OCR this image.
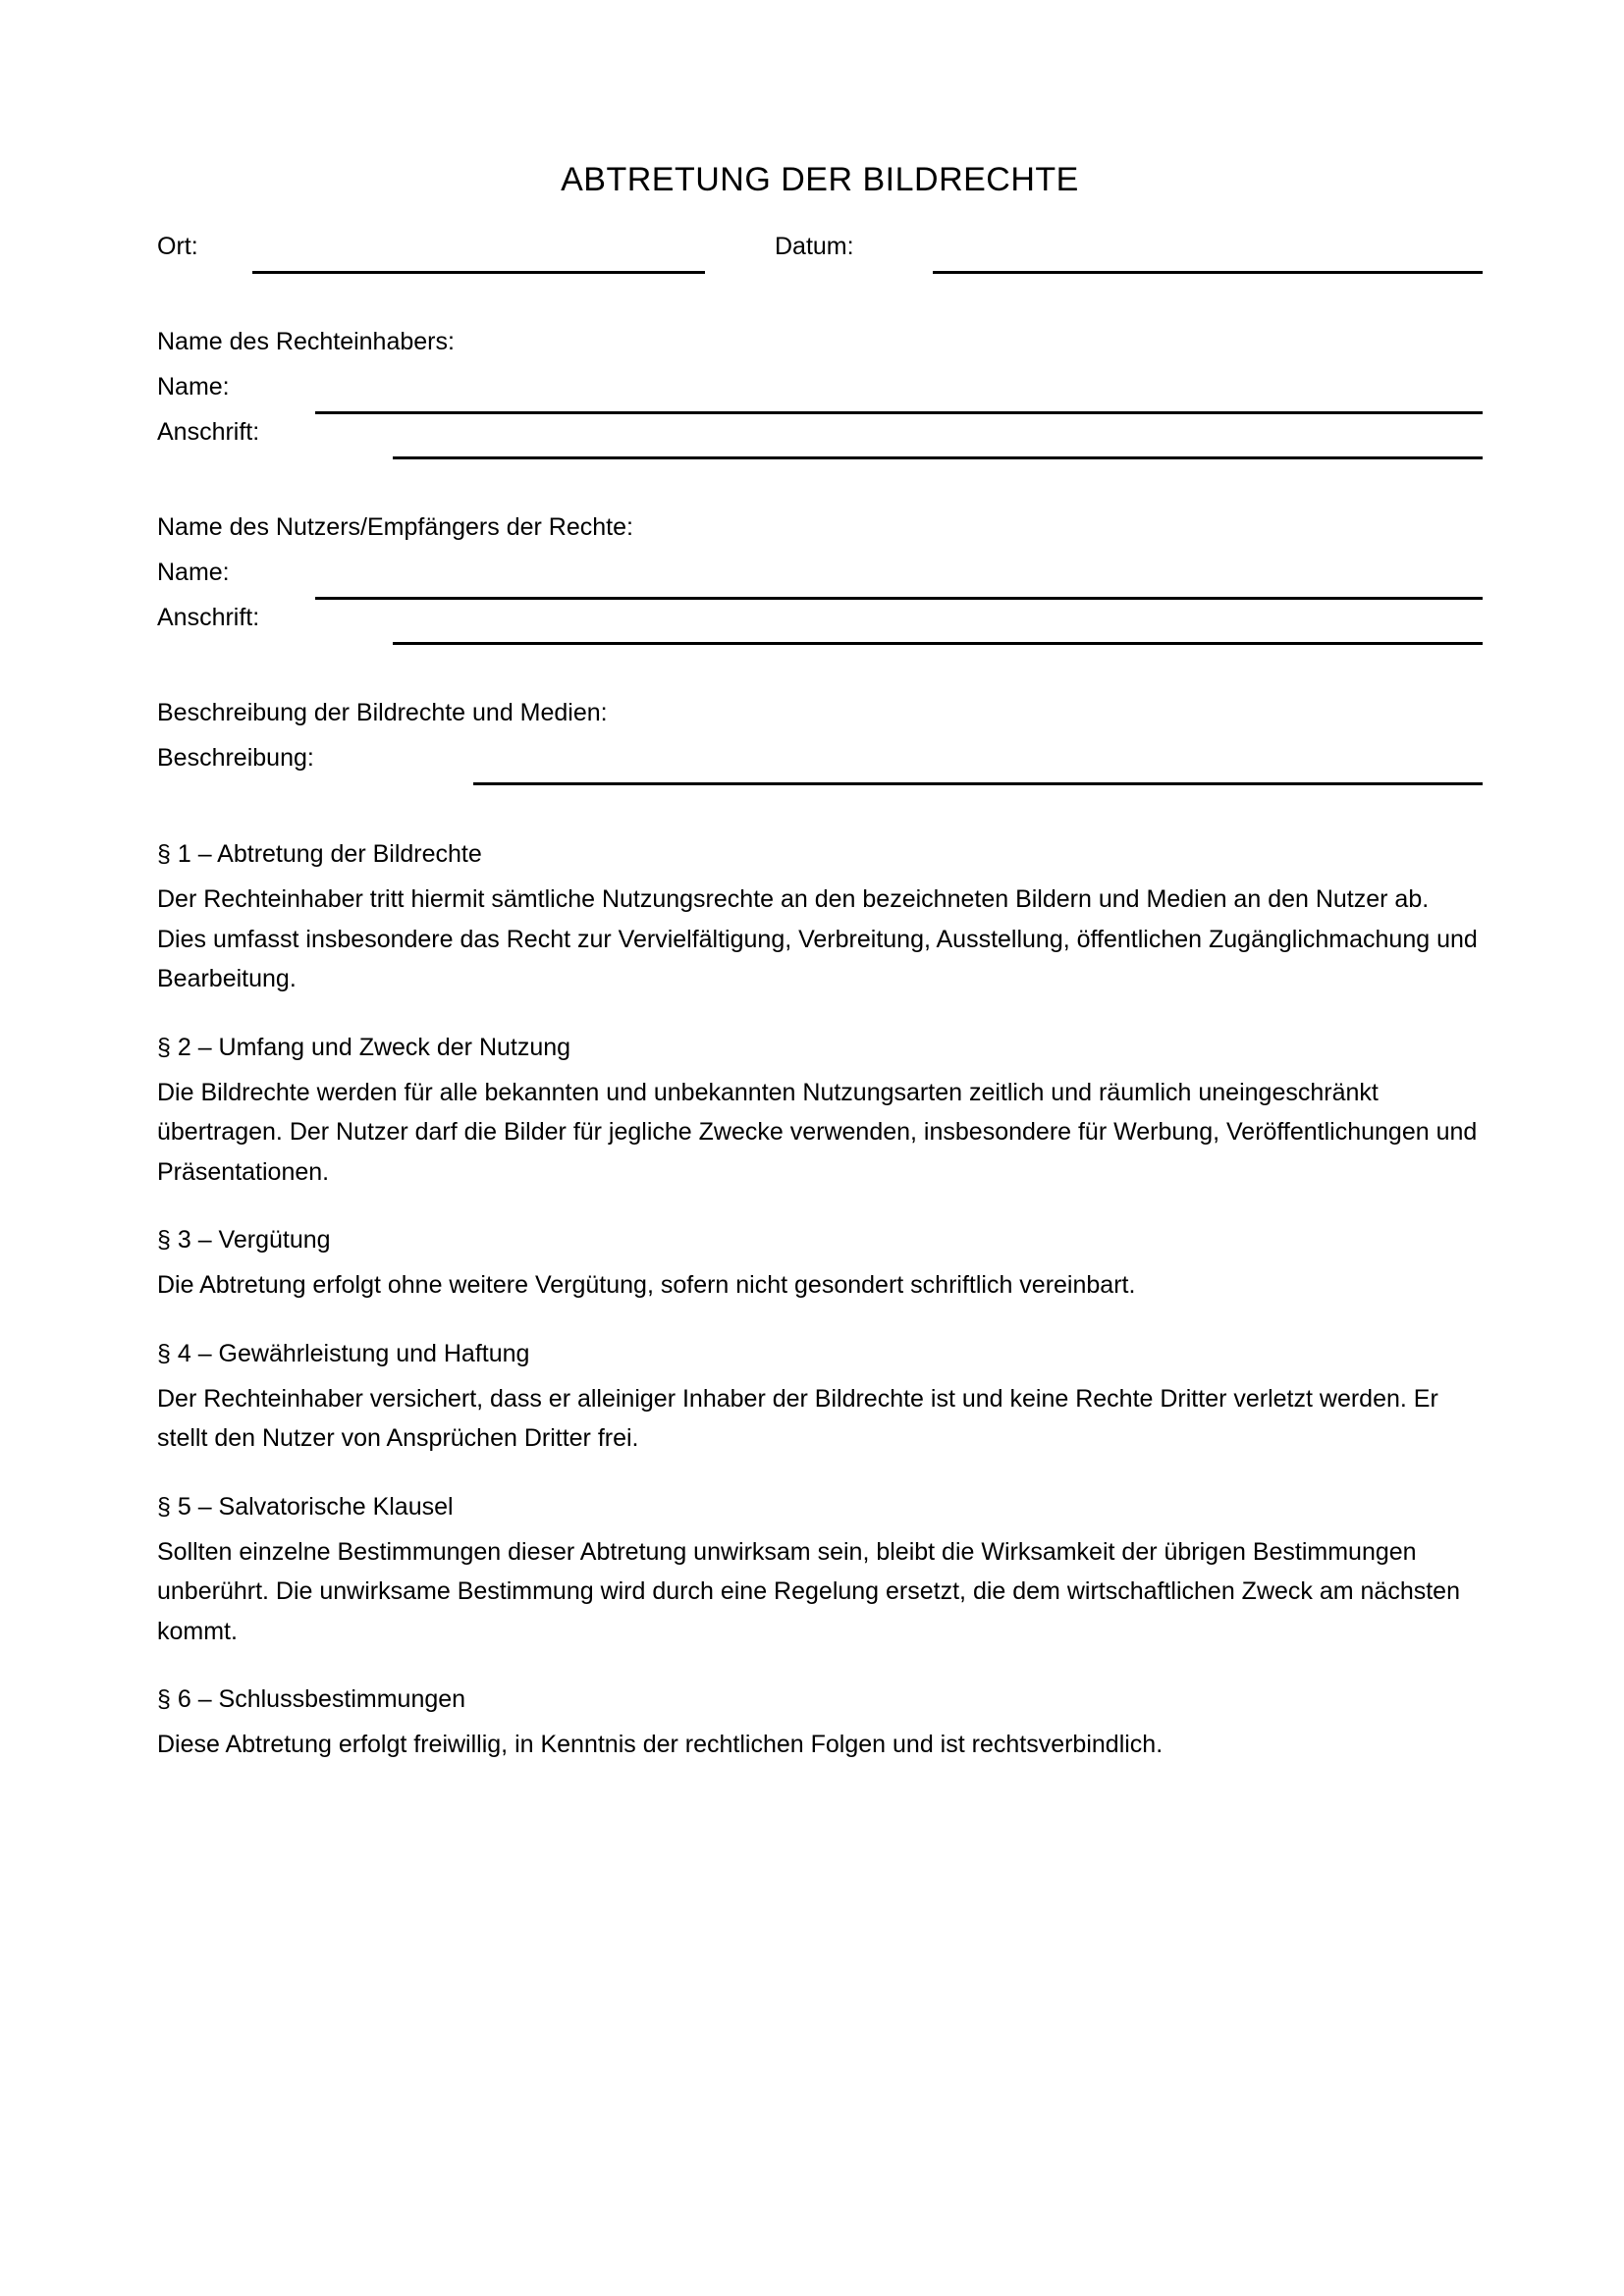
ABTRETUNG DER BILDRECHTE
Ort:	Datum:
Name des Rechteinhabers:
Name:
Anschrift:
Name des Nutzers/Empfängers der Rechte:
Name:
Anschrift:
Beschreibung der Bildrechte und Medien:
Beschreibung:
§ 1 – Abtretung der Bildrechte

Der Rechteinhaber tritt hiermit sämtliche Nutzungsrechte an den bezeichneten Bildern und Medien an den Nutzer ab. Dies umfasst insbesondere das Recht zur Vervielfältigung, Verbreitung, Ausstellung, öffentlichen Zugänglichmachung und Bearbeitung.

§ 2 – Umfang und Zweck der Nutzung

Die Bildrechte werden für alle bekannten und unbekannten Nutzungsarten zeitlich und räumlich uneingeschränkt übertragen. Der Nutzer darf die Bilder für jegliche Zwecke verwenden, insbesondere für Werbung, Veröffentlichungen und Präsentationen.

§ 3 – Vergütung

Die Abtretung erfolgt ohne weitere Vergütung, sofern nicht gesondert schriftlich vereinbart.

§ 4 – Gewährleistung und Haftung

Der Rechteinhaber versichert, dass er alleiniger Inhaber der Bildrechte ist und keine Rechte Dritter verletzt werden. Er stellt den Nutzer von Ansprüchen Dritter frei.

§ 5 – Salvatorische Klausel

Sollten einzelne Bestimmungen dieser Abtretung unwirksam sein, bleibt die Wirksamkeit der übrigen Bestimmungen unberührt. Die unwirksame Bestimmung wird durch eine Regelung ersetzt, die dem wirtschaftlichen Zweck am nächsten kommt.

§ 6 – Schlussbestimmungen

Diese Abtretung erfolgt freiwillig, in Kenntnis der rechtlichen Folgen und ist rechtsverbindlich.
